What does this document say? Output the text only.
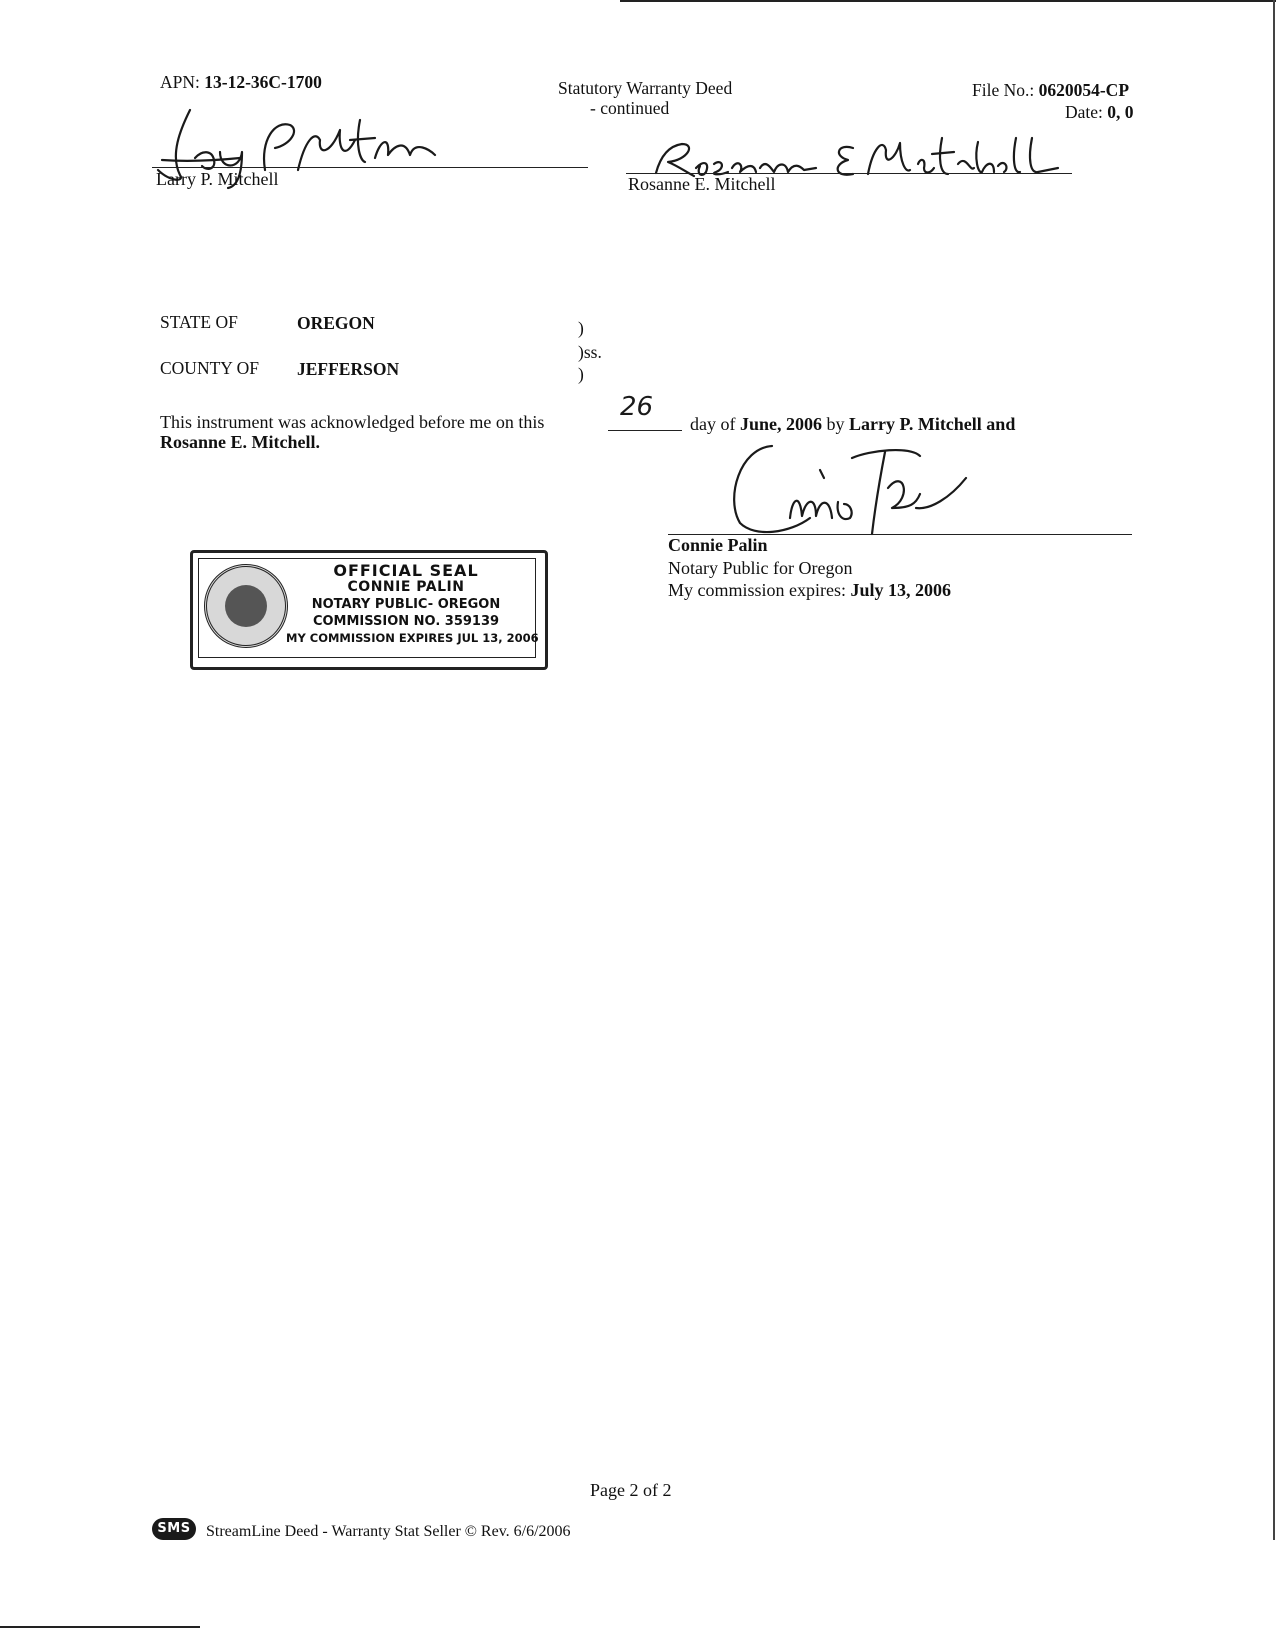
APN: 13-12-36C-1700	Statutory Warranty Deed
- continued
File No.: 0620054-CP
Date: 0, 0
Larry P. Mitchell	Rosanne E. Mitchell
STATE OF	OREGON
COUNTY OF JEFFERSON
)
)ss.
)
This instrument was acknowledged before me on this	26
day of June, 2006 by Larry P. Mitchell and
Rosanne E. Mitchell.
Connie Palin
Notary Public for Oregon
My commission expires: July 13, 2006
OFFICIAL SEAL
CONNIE PALIN
NOTARY PUBLIC- OREGON
COMMISSION NO. 359139
MY COMMISSION EXPIRES JUL 13, 2006
Page 2 of 2
SMS StreamLine Deed - Warranty Stat Seller © Rev. 6/6/2006
